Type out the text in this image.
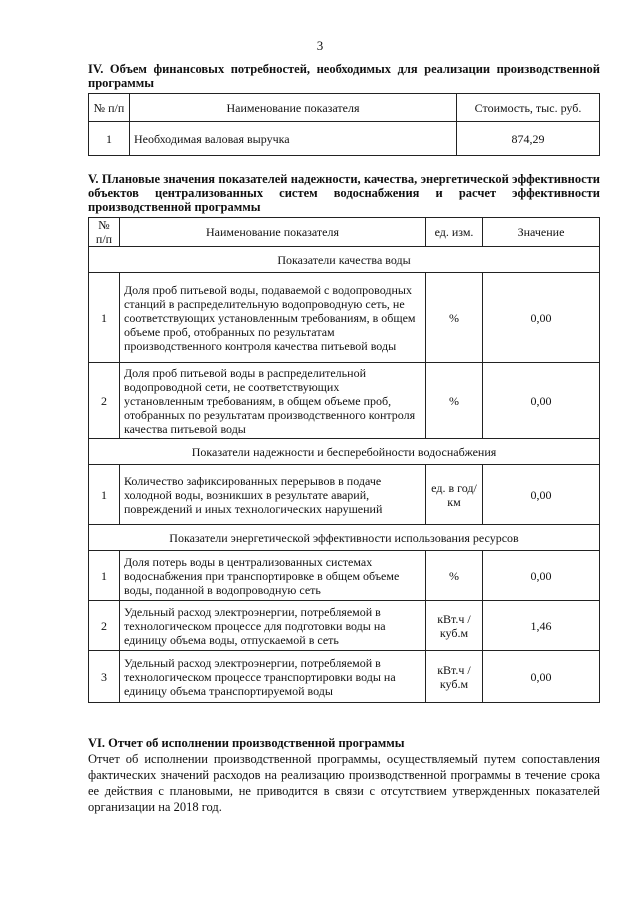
3
IV. Объем финансовых потребностей, необходимых для реализации производственной программы
№ п/п	Наименование показателя	Стоимость, тыс. руб.
1	Необходимая валовая выручка	874,29
V. Плановые значения показателей надежности, качества, энергетической эффективности объектов централизованных систем водоснабжения и расчет эффективности производственной программы
№ п/п	Наименование показателя	ед. изм.	Значение
Показатели качества воды			
1	Доля проб питьевой воды, подаваемой с водопроводных станций в распределительную водопроводную сеть, не соответствующих установленным требованиям, в общем объеме проб, отобранных по результатам производственного контроля качества питьевой воды	%	0,00
2	Доля проб питьевой воды в распределительной водопроводной сети, не соответствующих установленным требованиям, в общем объеме проб, отобранных по результатам производственного контроля качества питьевой воды	%	0,00
Показатели надежности и бесперебойности водоснабжения			
1	Количество зафиксированных перерывов в подаче холодной воды, возникших в результате аварий, повреждений и иных технологических нарушений	ед. в год/ км	0,00
Показатели энергетической эффективности использования ресурсов			
1	Доля потерь воды в централизованных системах водоснабжения при транспортировке в общем объеме воды, поданной в водопроводную сеть	%	0,00
2	Удельный расход электроэнергии, потребляемой в технологическом процессе для подготовки воды на единицу объема воды, отпускаемой в сеть	кВт.ч / куб.м	1,46
3	Удельный расход электроэнергии, потребляемой в технологическом процессе транспортировки воды на единицу объема транспортируемой воды	кВт.ч / куб.м	0,00
VI. Отчет об исполнении производственной программы
Отчет об исполнении производственной программы, осуществляемый путем сопоставления фактических значений расходов на реализацию производственной программы в течение срока ее действия с плановыми, не приводится в связи с отсутствием утвержденных показателей организации на 2018 год.
